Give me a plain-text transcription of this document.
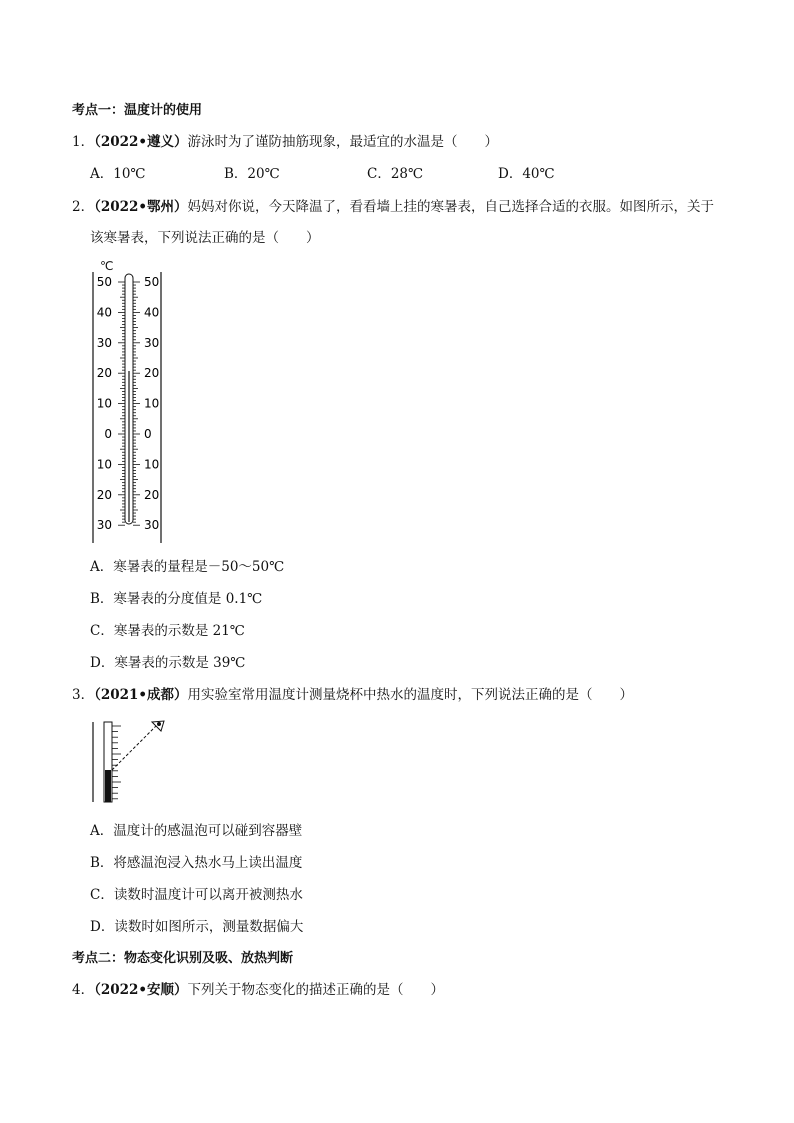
考点一：温度计的使用
1．（2022•遵义）游泳时为了谨防抽筋现象，最适宜的水温是（　　）
A．10℃	B．20℃	C．28℃	D．40℃
2．（2022•鄂州）妈妈对你说，今天降温了，看看墙上挂的寒暑表，自己选择合适的衣服。如图所示，关于
该寒暑表，下列说法正确的是（　　）
℃
50
40
30
20
10
0
10
20
30
50
40
30
20
10
0
10
20
30
A．寒暑表的量程是－50～50℃
B．寒暑表的分度值是 0.1℃
C．寒暑表的示数是 21℃
D．寒暑表的示数是 39℃
3．（2021•成都）用实验室常用温度计测量烧杯中热水的温度时，下列说法正确的是（　　）
A．温度计的感温泡可以碰到容器壁
B．将感温泡浸入热水马上读出温度
C．读数时温度计可以离开被测热水
D．读数时如图所示，测量数据偏大
考点二：物态变化识别及吸、放热判断
4．（2022•安顺）下列关于物态变化的描述正确的是（　　）
